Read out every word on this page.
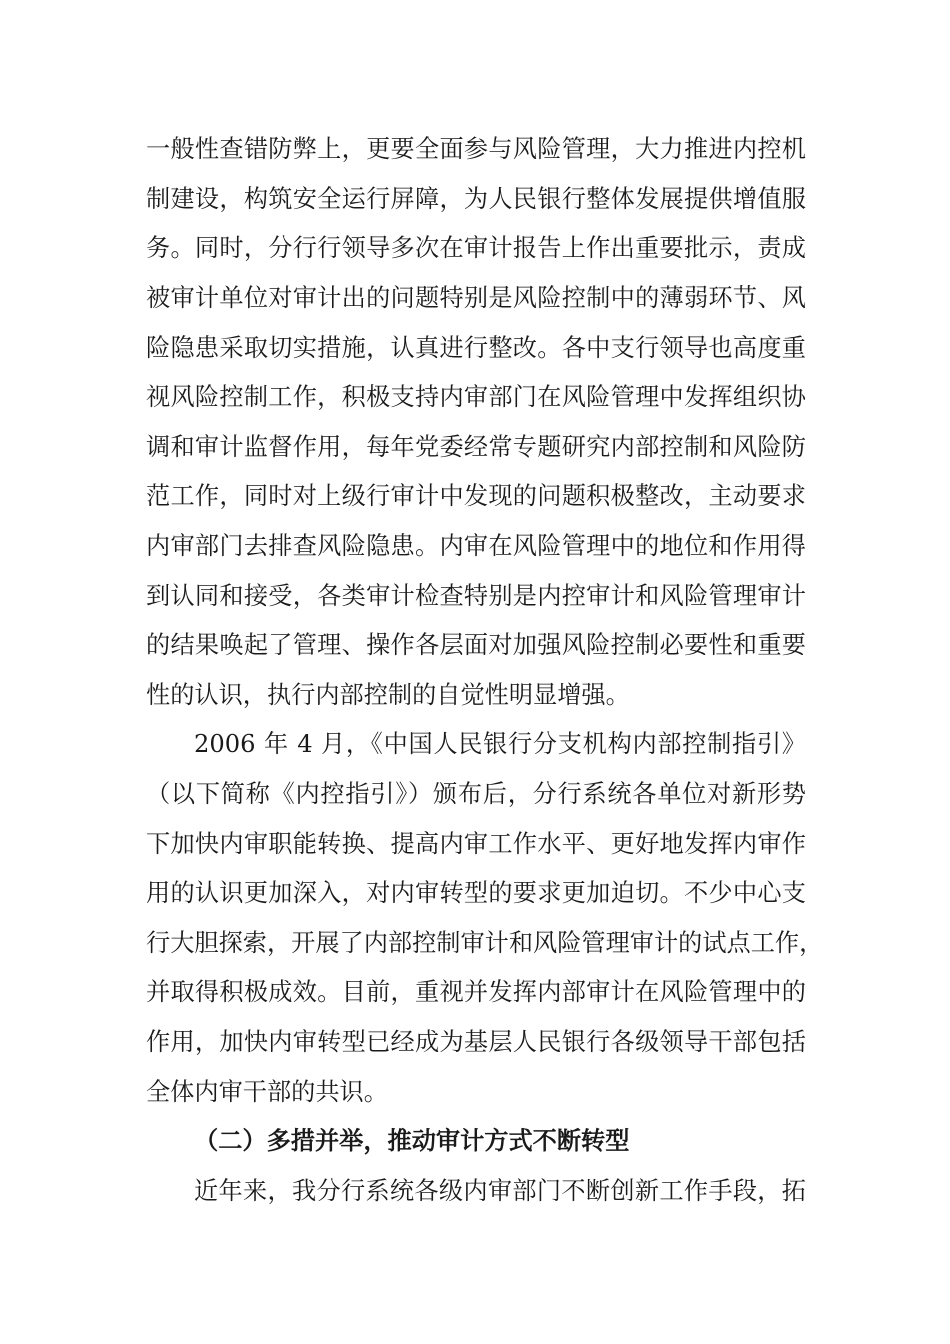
一般性查错防弊上，更要全面参与风险管理，大力推进内控机
制建设，构筑安全运行屏障，为人民银行整体发展提供增值服
务。同时，分行行领导多次在审计报告上作出重要批示，责成
被审计单位对审计出的问题特别是风险控制中的薄弱环节、风
险隐患采取切实措施，认真进行整改。各中支行领导也高度重
视风险控制工作，积极支持内审部门在风险管理中发挥组织协
调和审计监督作用，每年党委经常专题研究内部控制和风险防
范工作，同时对上级行审计中发现的问题积极整改，主动要求
内审部门去排查风险隐患。内审在风险管理中的地位和作用得
到认同和接受，各类审计检查特别是内控审计和风险管理审计
的结果唤起了管理、操作各层面对加强风险控制必要性和重要
性的认识，执行内部控制的自觉性明显增强。
2006 年 4 月，《中国人民银行分支机构内部控制指引》
（以下简称《内控指引》）颁布后，分行系统各单位对新形势
下加快内审职能转换、提高内审工作水平、更好地发挥内审作
用的认识更加深入，对内审转型的要求更加迫切。不少中心支
行大胆探索，开展了内部控制审计和风险管理审计的试点工作，
并取得积极成效。目前，重视并发挥内部审计在风险管理中的
作用，加快内审转型已经成为基层人民银行各级领导干部包括
全体内审干部的共识。
（二）多措并举，推动审计方式不断转型
近年来，我分行系统各级内审部门不断创新工作手段，拓
